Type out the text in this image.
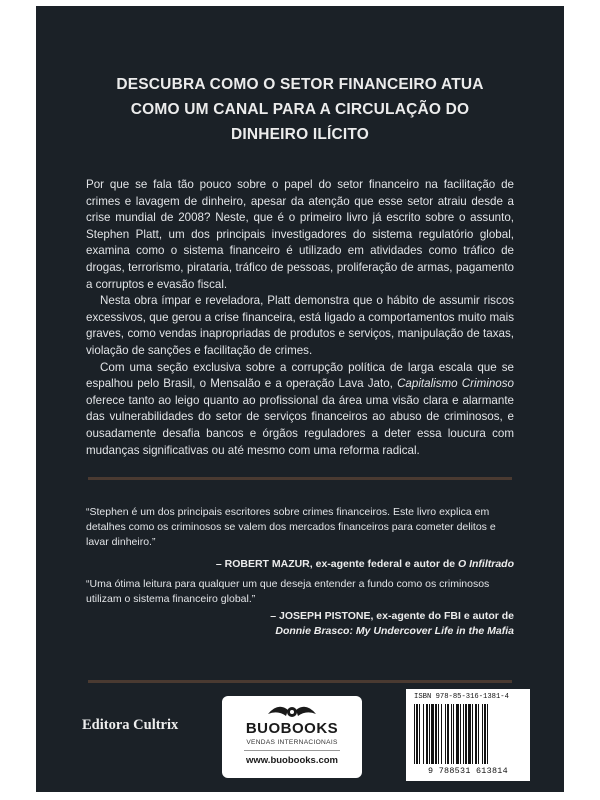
DESCUBRA COMO O SETOR FINANCEIRO ATUA
COMO UM CANAL PARA A CIRCULAÇÃO DO
DINHEIRO ILÍCITO

Por que se fala tão pouco sobre o papel do setor financeiro na facilitação de crimes e lavagem de dinheiro, apesar da atenção que esse setor atraiu desde a crise mundial de 2008? Neste, que é o primeiro livro já escrito sobre o assunto, Stephen Platt, um dos principais investigadores do sistema regulatório global, examina como o sistema financeiro é utilizado em atividades como tráfico de drogas, terrorismo, pirataria, tráfico de pessoas, proliferação de armas, pagamento a corruptos e evasão fiscal.

Nesta obra ímpar e reveladora, Platt demonstra que o hábito de assumir riscos excessivos, que gerou a crise financeira, está ligado a comportamentos muito mais graves, como vendas inapropriadas de produtos e serviços, manipulação de taxas, violação de sanções e facilitação de crimes.

Com uma seção exclusiva sobre a corrupção política de larga escala que se espalhou pelo Brasil, o Mensalão e a operação Lava Jato, Capitalismo Criminoso oferece tanto ao leigo quanto ao profissional da área uma visão clara e alarmante das vulnerabilidades do setor de serviços financeiros ao abuso de criminosos, e ousadamente desafia bancos e órgãos reguladores a deter essa loucura com mudanças significativas ou até mesmo com uma reforma radical.

“Stephen é um dos principais escritores sobre crimes financeiros. Este livro explica em detalhes como os criminosos se valem dos mercados financeiros para cometer delitos e lavar dinheiro.”
– ROBERT MAZUR, ex-agente federal e autor de O Infiltrado
“Uma ótima leitura para qualquer um que deseja entender a fundo como os criminosos utilizam o sistema financeiro global.”
– JOSEPH PISTONE, ex-agente do FBI e autor de
Donnie Brasco: My Undercover Life in the Mafia
Editora Cultrix	BUOBOOKS
VENDAS INTERNACIONAIS
www.buobooks.com
ISBN 978-85-316-1381-4
9 788531 613814
